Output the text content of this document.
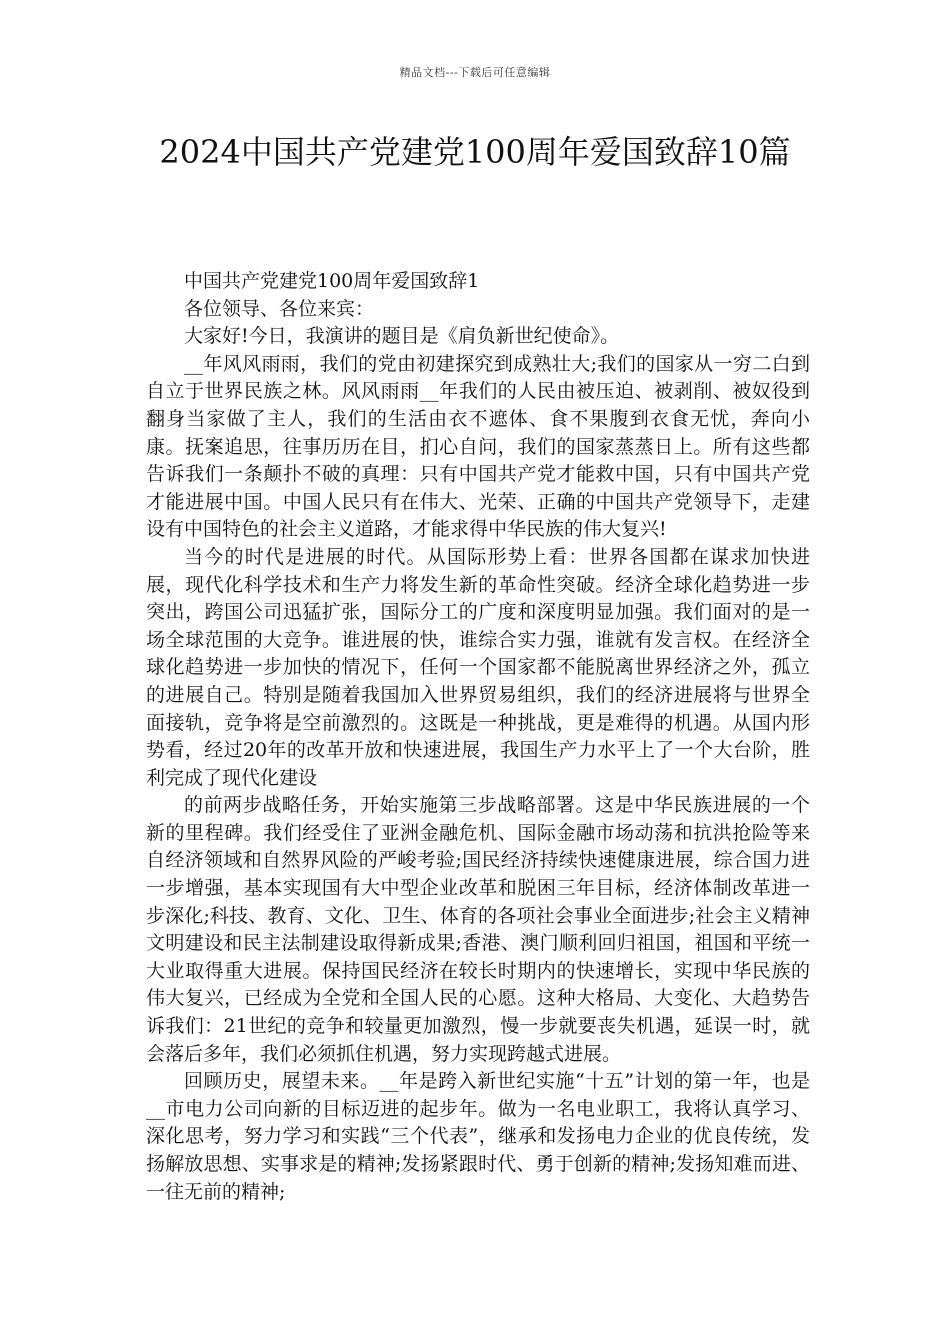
精品文档---下载后可任意编辑
2024中国共产党建党100周年爱国致辞10篇

中国共产党建党100周年爱国致辞1

各位领导、各位来宾：

大家好!今日，我演讲的题目是《肩负新世纪使命》。

__年风风雨雨，我们的党由初建探究到成熟壮大;我们的国家从一穷二白到自立于世界民族之林。风风雨雨__年我们的人民由被压迫、被剥削、被奴役到翻身当家做了主人，我们的生活由衣不遮体、食不果腹到衣食无忧，奔向小康。抚案追思，往事历历在目，扪心自问，我们的国家蒸蒸日上。所有这些都告诉我们一条颠扑不破的真理：只有中国共产党才能救中国，只有中国共产党才能进展中国。中国人民只有在伟大、光荣、正确的中国共产党领导下，走建设有中国特色的社会主义道路，才能求得中华民族的伟大复兴!

当今的时代是进展的时代。从国际形势上看：世界各国都在谋求加快进展，现代化科学技术和生产力将发生新的革命性突破。经济全球化趋势进一步突出，跨国公司迅猛扩张，国际分工的广度和深度明显加强。我们面对的是一场全球范围的大竞争。谁进展的快，谁综合实力强，谁就有发言权。在经济全球化趋势进一步加快的情况下，任何一个国家都不能脱离世界经济之外，孤立的进展自己。特别是随着我国加入世界贸易组织，我们的经济进展将与世界全面接轨，竞争将是空前激烈的。这既是一种挑战，更是难得的机遇。从国内形势看，经过20年的改革开放和快速进展，我国生产力水平上了一个大台阶，胜利完成了现代化建设

的前两步战略任务，开始实施第三步战略部署。这是中华民族进展的一个新的里程碑。我们经受住了亚洲金融危机、国际金融市场动荡和抗洪抢险等来自经济领域和自然界风险的严峻考验;国民经济持续快速健康进展，综合国力进一步增强，基本实现国有大中型企业改革和脱困三年目标，经济体制改革进一步深化;科技、教育、文化、卫生、体育的各项社会事业全面进步;社会主义精神文明建设和民主法制建设取得新成果;香港、澳门顺利回归祖国，祖国和平统一大业取得重大进展。保持国民经济在较长时期内的快速增长，实现中华民族的伟大复兴，已经成为全党和全国人民的心愿。这种大格局、大变化、大趋势告诉我们：21世纪的竞争和较量更加激烈，慢一步就要丧失机遇，延误一时，就会落后多年，我们必须抓住机遇，努力实现跨越式进展。

回顾历史，展望未来。__年是跨入新世纪实施“十五”计划的第一年，也是__市电力公司向新的目标迈进的起步年。做为一名电业职工，我将认真学习、深化思考，努力学习和实践“三个代表”，继承和发扬电力企业的优良传统，发扬解放思想、实事求是的精神;发扬紧跟时代、勇于创新的精神;发扬知难而进、一往无前的精神;
